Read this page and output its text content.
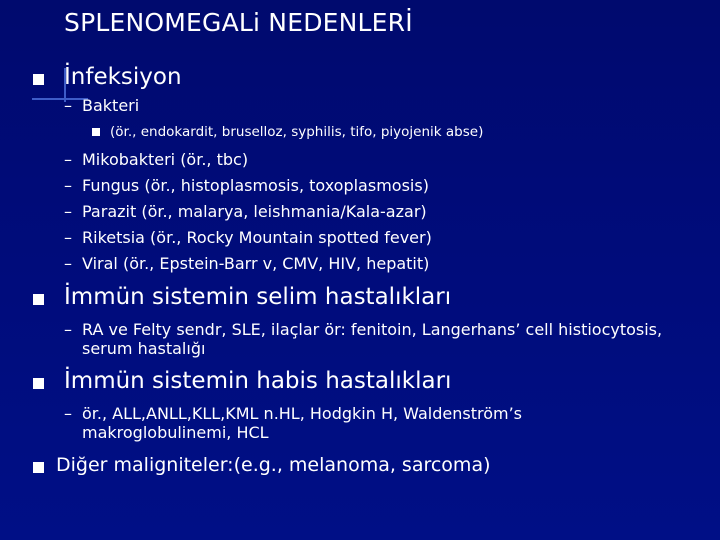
SPLENOMEGALi NEDENLERİ
İnfeksiyon
– Bakteri
(ör., endokardit, bruselloz, syphilis, tifo, piyojenik abse)
– Mikobakteri (ör., tbc)
– Fungus (ör., histoplasmosis, toxoplasmosis)
– Parazit (ör., malarya, leishmania/Kala-azar)
– Riketsia (ör., Rocky Mountain spotted fever)
– Viral (ör., Epstein-Barr v, CMV, HIV, hepatit)
İmmün sistemin selim hastalıkları
– RA ve Felty sendr, SLE, ilaçlar ör: fenitoin, Langerhans’ cell histiocytosis,
serum hastalığı
İmmün sistemin habis hastalıkları
– ör., ALL,ANLL,KLL,KML n.HL, Hodgkin H, Waldenström’s
makroglobulinemi, HCL
Diğer maligniteler:(e.g., melanoma, sarcoma)
